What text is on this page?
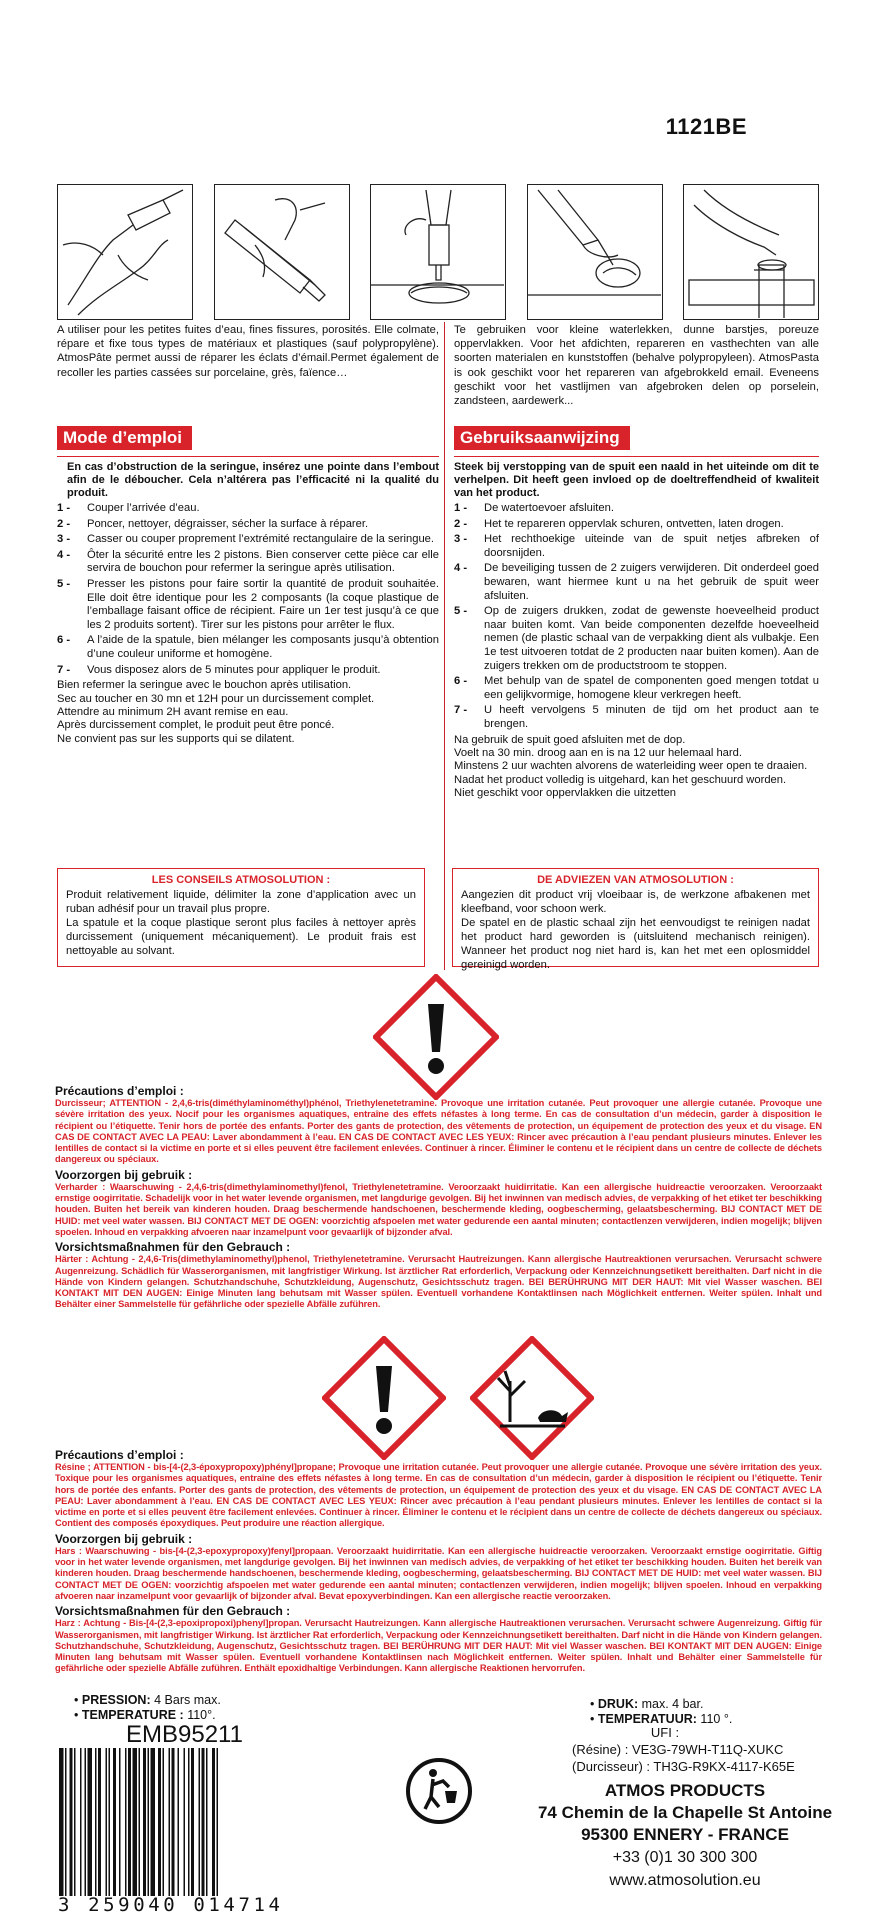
1121BE

A utiliser pour les petites fuites d’eau, fines fissures, porosités. Elle colmate, répare et fixe tous types de matériaux et plastiques (sauf polypropylène). AtmosPâte permet aussi de réparer les éclats d’émail.Permet également de recoller les parties cassées sur porcelaine, grès, faïence…

Te gebruiken voor kleine waterlekken, dunne barstjes, poreuze oppervlakken. Voor het afdichten, repareren en vasthechten van alle soorten materialen en kunststoffen (behalve polypropyleen). AtmosPasta is ook geschikt voor het repareren van afgebrokkeld email. Eveneens geschikt voor het vastlijmen van afgebroken delen op porselein, zandsteen, aardewerk...

Mode d’emploi

En cas d’obstruction de la seringue, insérez une pointe dans l’embout afin de le déboucher. Cela n’altérera pas l’efficacité ni la qualité du produit.

1 -	Couper l’arrivée d’eau.
2 -	Poncer, nettoyer, dégraisser, sécher la surface à réparer.
3 -	Casser ou couper proprement l’extrémité rectangulaire de la seringue.
4 -	Ôter la sécurité entre les 2 pistons. Bien conserver cette pièce car elle servira de bouchon pour refermer la seringue après utilisation.
5 -	Presser les pistons pour faire sortir la quantité de produit souhaitée. Elle doit être identique pour les 2 composants (la coque plastique de l’emballage faisant office de récipient. Faire un 1er test jusqu’à ce que les 2 produits sortent). Tirer sur les pistons pour arrêter le flux.
6 -	A l’aide de la spatule, bien mélanger les composants jusqu’à obtention d’une couleur uniforme et homogène.
7 -	Vous disposez alors de 5 minutes pour appliquer le produit.

Bien refermer la seringue avec le bouchon après utilisation.

Sec au toucher en 30 mn et 12H pour un durcissement complet.

Attendre au minimum 2H avant remise en eau.

Après durcissement complet, le produit peut être poncé.

Ne convient pas sur les supports qui se dilatent.

Gebruiksaanwijzing

Steek bij verstopping van de spuit een naald in het uiteinde om dit te verhelpen. Dit heeft geen invloed op de doeltreffendheid of kwaliteit van het product.

1 -	De watertoevoer afsluiten.
2 -	Het te repareren oppervlak schuren, ontvetten, laten drogen.
3 -	Het rechthoekige uiteinde van de spuit netjes afbreken of doorsnijden.
4 -	De beveiliging tussen de 2 zuigers verwijderen. Dit onderdeel goed bewaren, want hiermee kunt u na het gebruik de spuit weer afsluiten.
5 -	Op de zuigers drukken, zodat de gewenste hoeveelheid product naar buiten komt. Van beide componenten dezelfde hoeveelheid nemen (de plastic schaal van de verpakking dient als vulbakje. Een 1e test uitvoeren totdat de 2 producten naar buiten komen). Aan de zuigers trekken om de productstroom te stoppen.
6 -	Met behulp van de spatel de componenten goed mengen totdat u een gelijkvormige, homogene kleur verkregen heeft.
7 -	U heeft vervolgens 5 minuten de tijd om het product aan te brengen.

Na gebruik de spuit goed afsluiten met de dop.

Voelt na 30 min. droog aan en is na 12 uur helemaal hard.

Minstens 2 uur wachten alvorens de waterleiding weer open te draaien.

Nadat het product volledig is uitgehard, kan het geschuurd worden.

Niet geschikt voor oppervlakken die uitzetten

LES CONSEILS ATMOSOLUTION :

Produit relativement liquide, délimiter la zone d’application avec un ruban adhésif pour un travail plus propre.

La spatule et la coque plastique seront plus faciles à nettoyer après durcissement (uniquement mécaniquement). Le produit frais est nettoyable au solvant.

DE ADVIEZEN VAN ATMOSOLUTION :

Aangezien dit product vrij vloeibaar is, de werkzone afbakenen met kleefband, voor schoon werk.

De spatel en de plastic schaal zijn het eenvoudigst te reinigen nadat het product hard geworden is (uitsluitend mechanisch reinigen). Wanneer het product nog niet hard is, kan het met een oplosmiddel gereinigd worden.

Précautions d’emploi :
Durcisseur; ATTENTION - 2,4,6-tris(diméthylaminométhyl)phénol, Triethylenetetramine. Provoque une irritation cutanée. Peut provoquer une allergie cutanée. Provoque une sévère irritation des yeux. Nocif pour les organismes aquatiques, entraîne des effets néfastes à long terme. En cas de consultation d’un médecin, garder à disposition le récipient ou l’étiquette. Tenir hors de portée des enfants. Porter des gants de protection, des vêtements de protection, un équipement de protection des yeux et du visage. EN CAS DE CONTACT AVEC LA PEAU: Laver abondamment à l’eau. EN CAS DE CONTACT AVEC LES YEUX: Rincer avec précaution à l’eau pendant plusieurs minutes. Enlever les lentilles de contact si la victime en porte et si elles peuvent être facilement enlevées. Continuer à rincer. Éliminer le contenu et le récipient dans un centre de collecte de déchets dangereux ou spéciaux.
Voorzorgen bij gebruik :
Verharder : Waarschuwing - 2,4,6-tris(dimethylaminomethyl)fenol, Triethylenetetramine. Veroorzaakt huidirritatie. Kan een allergische huidreactie veroorzaken. Veroorzaakt ernstige oogirritatie. Schadelijk voor in het water levende organismen, met langdurige gevolgen. Bij het inwinnen van medisch advies, de verpakking of het etiket ter beschikking houden. Buiten het bereik van kinderen houden. Draag beschermende handschoenen, beschermende kleding, oogbescherming, gelaatsbescherming. BIJ CONTACT MET DE HUID: met veel water wassen. BIJ CONTACT MET DE OGEN: voorzichtig afspoelen met water gedurende een aantal minuten; contactlenzen verwijderen, indien mogelijk; blijven spoelen. Inhoud en verpakking afvoeren naar inzamelpunt voor gevaarlijk of bijzonder afval.
Vorsichtsmaßnahmen für den Gebrauch :
Härter : Achtung - 2,4,6-Tris(dimethylaminomethyl)phenol, Triethylenetetramine. Verursacht Hautreizungen. Kann allergische Hautreaktionen verursachen. Verursacht schwere Augenreizung. Schädlich für Wasserorganismen, mit langfristiger Wirkung. Ist ärztlicher Rat erforderlich, Verpackung oder Kennzeichnungsetikett bereithalten. Darf nicht in die Hände von Kindern gelangen. Schutzhandschuhe, Schutzkleidung, Augenschutz, Gesichtsschutz tragen. BEI BERÜHRUNG MIT DER HAUT: Mit viel Wasser waschen. BEI KONTAKT MIT DEN AUGEN: Einige Minuten lang behutsam mit Wasser spülen. Eventuell vorhandene Kontaktlinsen nach Möglichkeit entfernen. Weiter spülen. Inhalt und Behälter einer Sammelstelle für gefährliche oder spezielle Abfälle zuführen.
Précautions d’emploi :
Résine ; ATTENTION - bis-[4-(2,3-époxypropoxy)phényl]propane; Provoque une irritation cutanée. Peut provoquer une allergie cutanée. Provoque une sévère irritation des yeux. Toxique pour les organismes aquatiques, entraîne des effets néfastes à long terme. En cas de consultation d’un médecin, garder à disposition le récipient ou l’étiquette. Tenir hors de portée des enfants. Porter des gants de protection, des vêtements de protection, un équipement de protection des yeux et du visage. EN CAS DE CONTACT AVEC LA PEAU: Laver abondamment à l’eau. EN CAS DE CONTACT AVEC LES YEUX: Rincer avec précaution à l’eau pendant plusieurs minutes. Enlever les lentilles de contact si la victime en porte et si elles peuvent être facilement enlevées. Continuer à rincer. Éliminer le contenu et le récipient dans un centre de collecte de déchets dangereux ou spéciaux. Contient des composés époxydiques. Peut produire une réaction allergique.
Voorzorgen bij gebruik :
Hars : Waarschuwing - bis-[4-(2,3-epoxypropoxy)fenyl]propaan. Veroorzaakt huidirritatie. Kan een allergische huidreactie veroorzaken. Veroorzaakt ernstige oogirritatie. Giftig voor in het water levende organismen, met langdurige gevolgen. Bij het inwinnen van medisch advies, de verpakking of het etiket ter beschikking houden. Buiten het bereik van kinderen houden. Draag beschermende handschoenen, beschermende kleding, oogbescherming, gelaatsbescherming. BIJ CONTACT MET DE HUID: met veel water wassen. BIJ CONTACT MET DE OGEN: voorzichtig afspoelen met water gedurende een aantal minuten; contactlenzen verwijderen, indien mogelijk; blijven spoelen. Inhoud en verpakking afvoeren naar inzamelpunt voor gevaarlijk of bijzonder afval. Bevat epoxyverbindingen. Kan een allergische reactie veroorzaken.
Vorsichtsmaßnahmen für den Gebrauch :
Harz : Achtung - Bis-[4-(2,3-epoxipropoxi)phenyl]propan. Verursacht Hautreizungen. Kann allergische Hautreaktionen verursachen. Verursacht schwere Augenreizung. Giftig für Wasserorganismen, mit langfristiger Wirkung. Ist ärztlicher Rat erforderlich, Verpackung oder Kennzeichnungsetikett bereithalten. Darf nicht in die Hände von Kindern gelangen. Schutzhandschuhe, Schutzkleidung, Augenschutz, Gesichtsschutz tragen. BEI BERÜHRUNG MIT DER HAUT: Mit viel Wasser waschen. BEI KONTAKT MIT DEN AUGEN: Einige Minuten lang behutsam mit Wasser spülen. Eventuell vorhandene Kontaktlinsen nach Möglichkeit entfernen. Weiter spülen. Inhalt und Behälter einer Sammelstelle für gefährliche oder spezielle Abfälle zuführen. Enthält epoxidhaltige Verbindungen. Kann allergische Reaktionen hervorrufen.
• PRESSION: 4 Bars max.
• TEMPERATURE : 110°.
• DRUK: max. 4 bar.
• TEMPERATUUR: 110 °.
EMB95211
3 259040 014714
UFI :
(Résine) : VE3G-79WH-T11Q-XUKC
(Durcisseur) : TH3G-R9KX-4117-K65E
ATMOS PRODUCTS
74 Chemin de la Chapelle St Antoine
95300 ENNERY - FRANCE
+33 (0)1 30 300 300
www.atmosolution.eu
